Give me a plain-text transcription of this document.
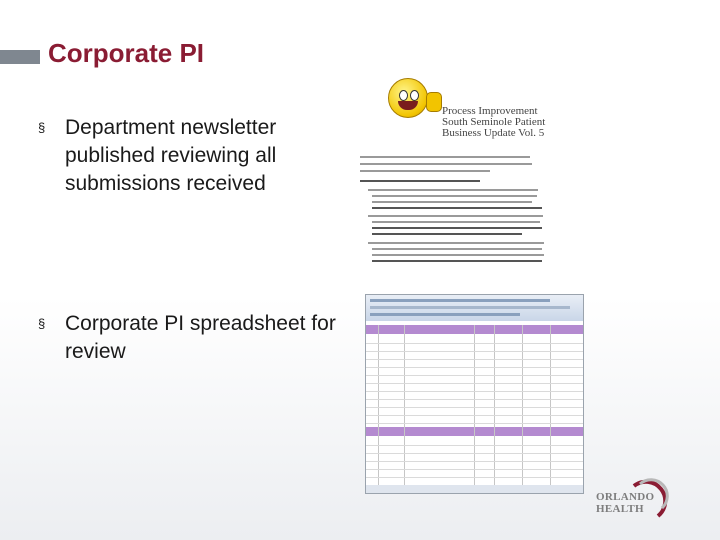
Corporate PI
§ Department newsletter published reviewing all submissions received
§ Corporate PI spreadsheet for review
Process Improvement
South Seminole Patient
Business Update Vol. 5
ORLANDO HEALTH
